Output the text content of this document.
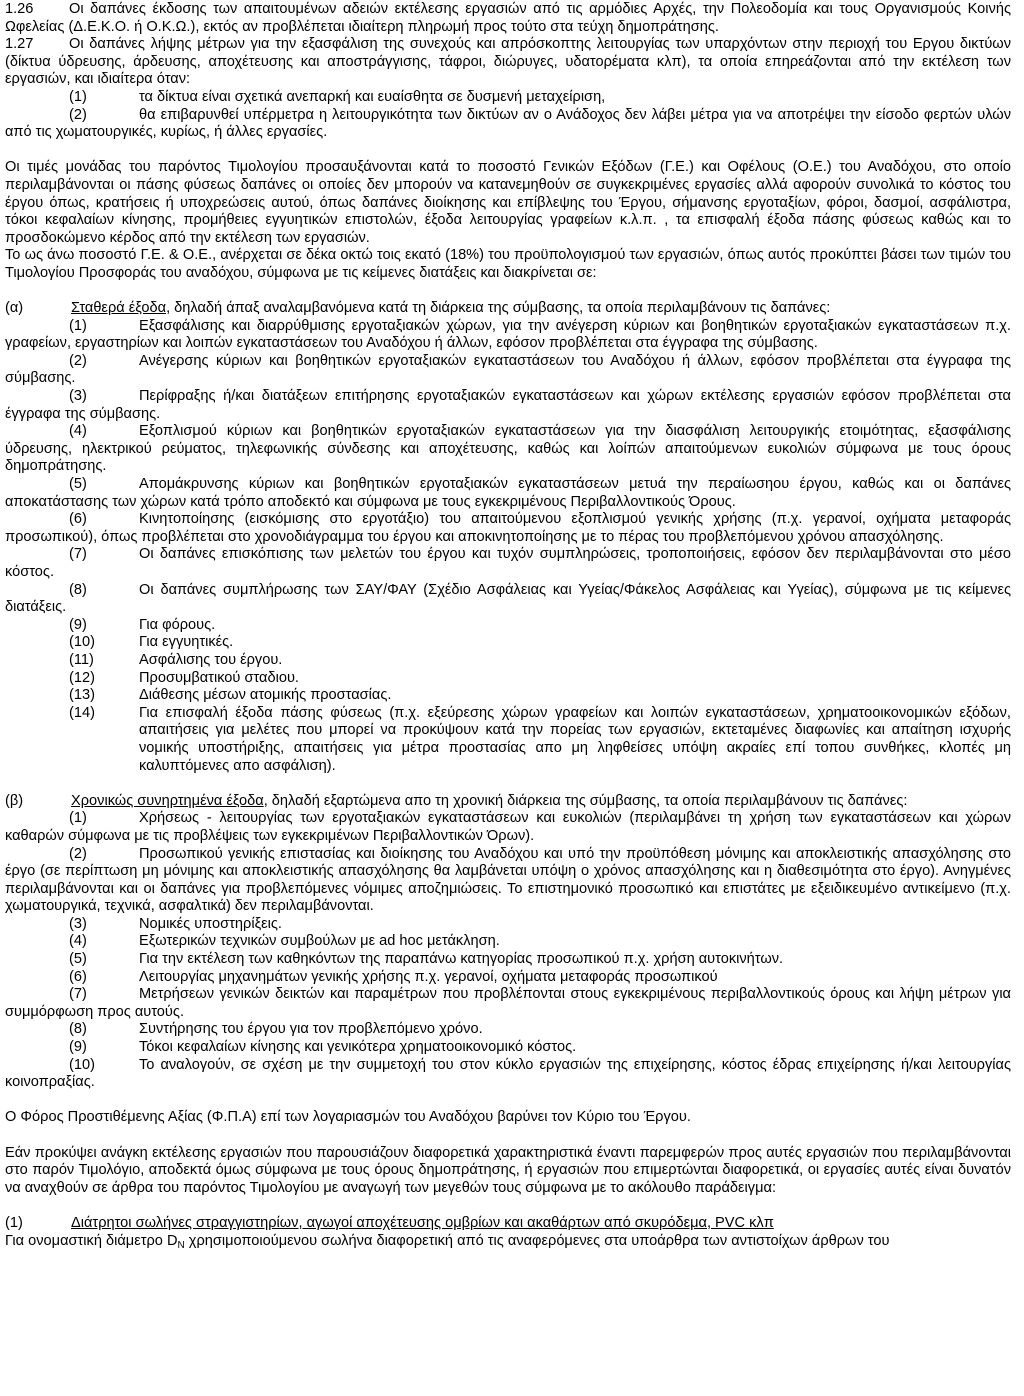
1.26 Οι δαπάνες έκδοσης των απαιτουμένων αδειών εκτέλεσης εργασιών από τις αρμόδιες Αρχές, την Πολεοδομία και τους Οργανισμούς Κοινής Ωφελείας (Δ.Ε.Κ.Ο. ή Ο.Κ.Ω.), εκτός αν προβλέπεται ιδιαίτερη πληρωμή προς τούτο στα τεύχη δημοπράτησης.

1.27 Οι δαπάνες λήψης μέτρων για την εξασφάλιση της συνεχούς και απρόσκοπτης λειτουργίας των υπαρχόντων στην περιοχή του Εργου δικτύων (δίκτυα ύδρευσης, άρδευσης, αποχέτευσης και αποστράγγισης, τάφροι, διώρυγες, υδατορέματα κλπ), τα οποία επηρεάζονται από την εκτέλεση των εργασιών, και ιδιαίτερα όταν:

(1)	τα δίκτυα είναι σχετικά ανεπαρκή και ευαίσθητα σε δυσμενή μεταχείριση,

(2)	θα επιβαρυνθεί υπέρμετρα η λειτουργικότητα των δικτύων αν ο Ανάδοχος δεν λάβει μέτρα για να αποτρέψει την είσοδο φερτών υλών από τις χωματουργικές, κυρίως, ή άλλες εργασίες.

Οι τιμές μονάδας του παρόντος Τιμολογίου προσαυξάνονται κατά το ποσοστό Γενικών Εξόδων (Γ.Ε.) και Οφέλους (Ο.Ε.) του Αναδόχου, στο οποίο περιλαμβάνονται οι πάσης φύσεως δαπάνες οι οποίες δεν μπορούν να κατανεμηθούν σε συγκεκριμένες εργασίες αλλά αφορούν συνολικά το κόστος του έργου όπως, κρατήσεις ή υποχρεώσεις αυτού, όπως δαπάνες διοίκησης και επίβλεψης του Έργου, σήμανσης εργοταξίων, φόροι, δασμοί, ασφάλιστρα, τόκοι κεφαλαίων κίνησης, προμήθειες εγγυητικών επιστολών, έξοδα λειτουργίας γραφείων κ.λ.π. , τα επισφαλή έξοδα πάσης φύσεως καθώς και το προσδοκώμενο κέρδος από την εκτέλεση των εργασιών.

Το ως άνω ποσοστό Γ.Ε. & Ο.Ε., ανέρχεται σε δέκα οκτώ τοις εκατό (18%) του προϋπολογισμού των εργασιών, όπως αυτός προκύπτει βάσει των τιμών του Τιμολογίου Προσφοράς του αναδόχου, σύμφωνα με τις κείμενες διατάξεις και διακρίνεται σε:

(α)	Σταθερά έξοδα, δηλαδή άπαξ αναλαμβανόμενα κατά τη διάρκεια της σύμβασης, τα οποία περιλαμβάνουν τις δαπάνες:

(1)	Εξασφάλισης και διαρρύθμισης εργοταξιακών χώρων, για την ανέγερση κύριων και βοηθητικών εργοταξιακών εγκαταστάσεων π.χ. γραφείων, εργαστηρίων και λοιπών εγκαταστάσεων του Αναδόχου ή άλλων, εφόσον προβλέπεται στα έγγραφα της σύμβασης.

(2)	Ανέγερσης κύριων και βοηθητικών εργοταξιακών εγκαταστάσεων του Αναδόχου ή άλλων, εφόσον προβλέπεται στα έγγραφα της σύμβασης.

(3)	Περίφραξης ή/και διατάξεων επιτήρησης εργοταξιακών εγκαταστάσεων και χώρων εκτέλεσης εργασιών εφόσον προβλέπεται στα έγγραφα της σύμβασης.

(4)	Εξοπλισμού κύριων και βοηθητικών εργοταξιακών εγκαταστάσεων για την διασφάλιση λειτουργικής ετοιμότητας, εξασφάλισης ύδρευσης, ηλεκτρικού ρεύματος, τηλεφωνικής σύνδεσης και αποχέτευσης, καθώς και λοίπών απαιτούμενων ευκολιών σύμφωνα με τους όρους δημοπράτησης.

(5)	Απομάκρυνσης κύριων και βοηθητικών εργοταξιακών εγκαταστάσεων μετυά την περαίωσηου έργου, καθώς και οι δαπάνες αποκατάστασης των χώρων κατά τρόπο αποδεκτό και σύμφωνα με τους εγκεκριμένους Περιβαλλοντικούς Όρους.

(6)	Κινητοποίησης (εισκόμισης στο εργοτάξιο) του απαιτούμενου εξοπλισμού γενικής χρήσης (π.χ. γερανοί, οχήματα μεταφοράς προσωπικού), όπως προβλέπεται στο χρονοδιάγραμμα του έργου και αποκινητοποίησης με το πέρας του προβλεπόμενου χρόνου απασχόλησης.

(7)	Οι δαπάνες επισκόπισης των μελετών του έργου και τυχόν συμπληρώσεις, τροποποιήσεις, εφόσον δεν περιλαμβάνονται στο μέσο κόστος.

(8)	Οι δαπάνες συμπλήρωσης των ΣΑΥ/ΦΑΥ (Σχέδιο Ασφάλειας και Υγείας/Φάκελος Ασφάλειας και Υγείας), σύμφωνα με τις κείμενες διατάξεις.

(9)	Για φόρους.

(10)	Για εγγυητικές.

(11)	Ασφάλισης του έργου.

(12)	Προσυμβατικού σταδιου.

(13)	Διάθεσης μέσων ατομικής προστασίας.

(14)	Για επισφαλή έξοδα πάσης φύσεως (π.χ. εξεύρεσης χώρων γραφείων και λοιπών εγκαταστάσεων, χρηματοοικονομικών εξόδων, απαιτήσεις για μελέτες που μπορεί να προκύψουν κατά την πορείας των εργασιών, εκτεταμένες διαφωνίες και απαίτηση ισχυρής νομικής υποστήριξης, απαιτήσεις για μέτρα προστασίας απο μη ληφθείσες υπόψη ακραίες επί τοπου συνθήκες, κλοπές μη καλυπτόμενες απο ασφάλιση).

(β)	Χρονικώς συνηρτημένα έξοδα, δηλαδή εξαρτώμενα απο τη χρονική διάρκεια της σύμβασης, τα οποία περιλαμβάνουν τις δαπάνες:

(1)	Χρήσεως - λειτουργίας των εργοταξιακών εγκαταστάσεων και ευκολιών (περιλαμβάνει τη χρήση των εγκαταστάσεων και χώρων καθαρών σύμφωνα με τις προβλέψεις των εγκεκριμένων Περιβαλλοντικών Όρων).

(2)	Προσωπικού γενικής επιστασίας και διοίκησης του Αναδόχου και υπό την προϋπόθεση μόνιμης και αποκλειστικής απασχόλησης στο έργο (σε περίπτωση μη μόνιμης και αποκλειστικής απασχόλησης θα λαμβάνεται υπόψη ο χρόνος απασχόλησης και η διαθεσιμότητα στο έργο). Ανηγμένες περιλαμβάνονται και οι δαπάνες για προβλεπόμενες νόμιμες αποζημιώσεις. Το επιστημονικό προσωπικό και επιστάτες με εξειδικευμένο αντικείμενο (π.χ. χωματουργικά, τεχνικά, ασφαλτικά) δεν περιλαμβάνονται.

(3)	Νομικές υποστηρίξεις.

(4)	Εξωτερικών τεχνικών συμβούλων με ad hoc μετάκληση.

(5)	Για την εκτέλεση των καθηκόντων της παραπάνω κατηγορίας προσωπικού π.χ. χρήση αυτοκινήτων.

(6)	Λειτουργίας μηχανημάτων γενικής χρήσης π.χ. γερανοί, οχήματα μεταφοράς προσωπικού

(7)	Μετρήσεων γενικών δεικτών και παραμέτρων που προβλέπονται στους εγκεκριμένους περιβαλλοντικούς όρους και λήψη μέτρων για συμμόρφωση προς αυτούς.

(8)	Συντήρησης του έργου για τον προβλεπόμενο χρόνο.

(9)	Τόκοι κεφαλαίων κίνησης και γενικότερα χρηματοοικονομικό κόστος.

(10)	Το αναλογούν, σε σχέση με την συμμετοχή του στον κύκλο εργασιών της επιχείρησης, κόστος έδρας επιχείρησης ή/και λειτουργίας κοινοπραξίας.

Ο Φόρος Προστιθέμενης Αξίας (Φ.Π.Α) επί των λογαριασμών του Αναδόχου βαρύνει τον Κύριο του Έργου.

Εάν προκύψει ανάγκη εκτέλεσης εργασιών που παρουσιάζουν διαφορετικά χαρακτηριστικά έναντι παρεμφερών προς αυτές εργασιών που περιλαμβάνονται στο παρόν Τιμολόγιο, αποδεκτά όμως σύμφωνα με τους όρους δημοπράτησης, ή εργασιών που επιμερτώνται διαφορετικά, οι εργασίες αυτές είναι δυνατόν να αναχθούν σε άρθρα του παρόντος Τιμολογίου με αναγωγή των μεγεθών τους σύμφωνα με το ακόλουθο παράδειγμα:

(1)	Διάτρητοι σωλήνες στραγγιστηρίων, αγωγοί αποχέτευσης ομβρίων και ακαθάρτων από σκυρόδεμα, PVC κλπ

Για ονομαστική διάμετρο $D_N$ χρησιμοποιούμενου σωλήνα διαφορετική από τις αναφερόμενες στα υποάρθρα των αντιστοίχων άρθρων του
